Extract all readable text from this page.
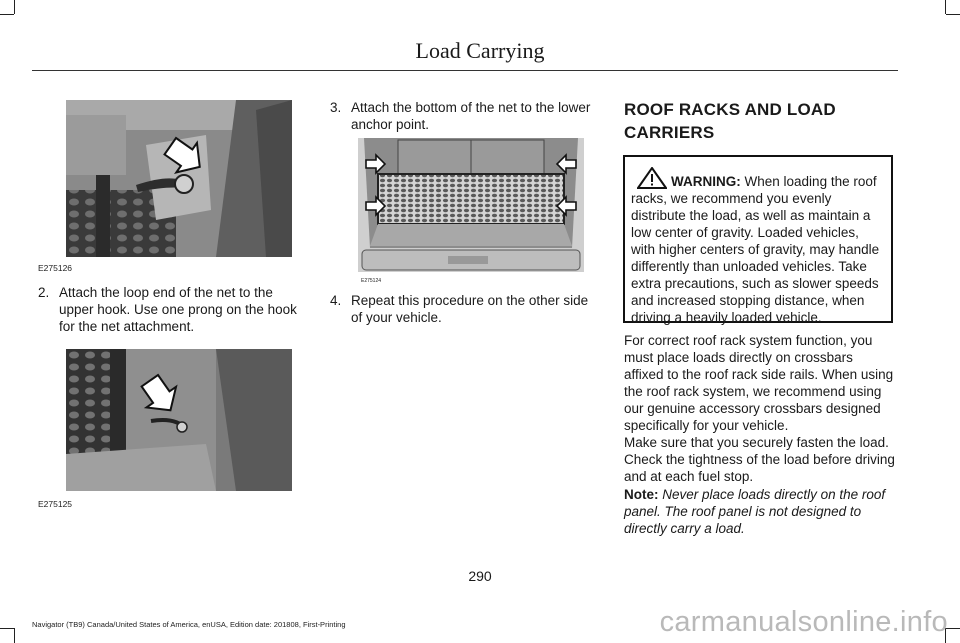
Load Carrying
E275126
2. Attach the loop end of the net to the upper hook. Use one prong on the hook for the net attachment.
E275125
3. Attach the bottom of the net to the lower anchor point.
E275124
4. Repeat this procedure on the other side of your vehicle.
ROOF RACKS AND LOAD CARRIERS
WARNING: When loading the roof racks, we recommend you evenly distribute the load, as well as maintain a low center of gravity. Loaded vehicles, with higher centers of gravity, may handle differently than unloaded vehicles. Take extra precautions, such as slower speeds and increased stopping distance, when driving a heavily loaded vehicle.
For correct roof rack system function, you must place loads directly on crossbars affixed to the roof rack side rails. When using the roof rack system, we recommend using our genuine accessory crossbars designed specifically for your vehicle.
Make sure that you securely fasten the load. Check the tightness of the load before driving and at each fuel stop.
Note: Never place loads directly on the roof panel. The roof panel is not designed to directly carry a load.
290
Navigator (TB9) Canada/United States of America, enUSA, Edition date: 201808, First-Printing	carmanualsonline.info
